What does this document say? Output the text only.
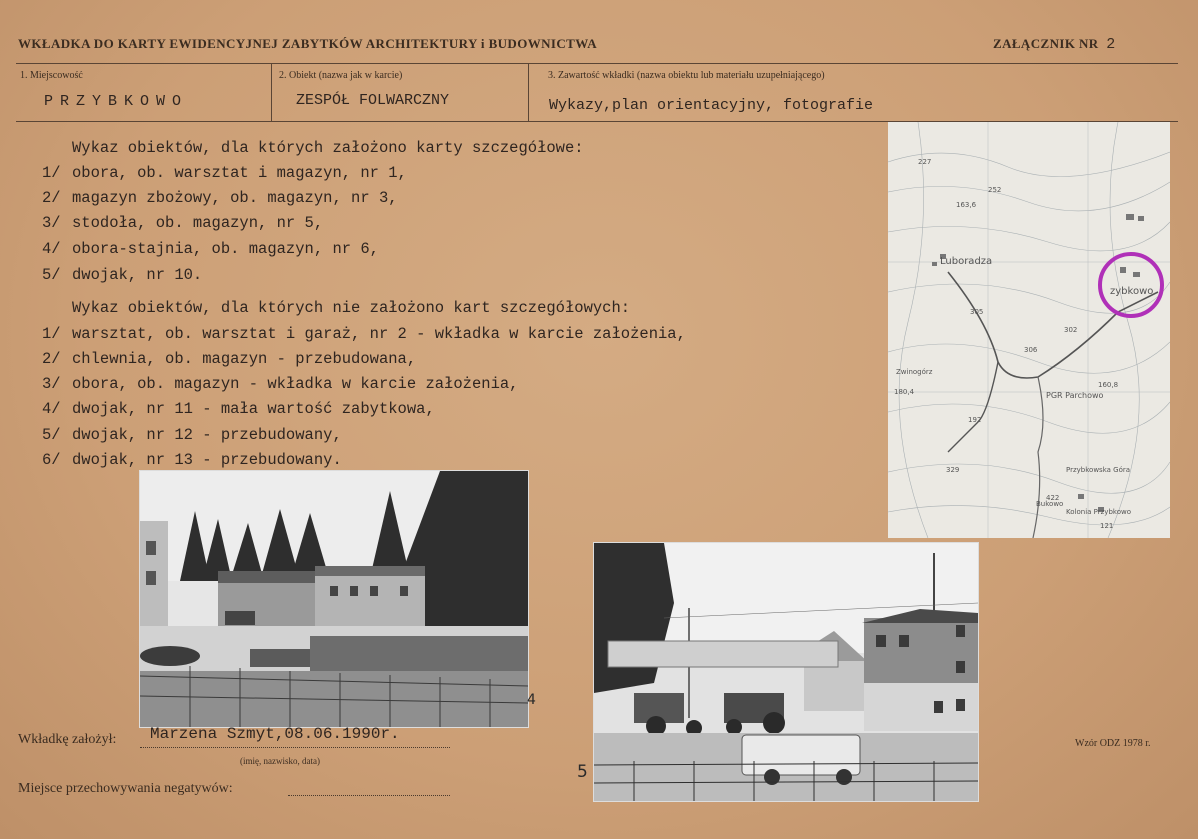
WKŁADKA DO KARTY EWIDENCYJNEJ ZABYTKÓW ARCHITEKTURY i BUDOWNICTWA	ZAŁĄCZNIK NR 2
1. Miejscowość
PRZYBKOWO
2. Obiekt (nazwa jak w karcie)
ZESPÓŁ FOLWARCZNY
3. Zawartość wkładki (nazwa obiektu lub materiału uzupełniającego)
Wykazy,plan orientacyjny, fotografie
Wykaz obiektów, dla których założono karty szczegółowe:
1/ obora, ob. warsztat i magazyn, nr 1,
2/ magazyn zbożowy, ob. magazyn, nr 3,
3/ stodoła, ob. magazyn, nr 5,
4/ obora-stajnia, ob. magazyn, nr 6,
5/ dwojak, nr 10.
Wykaz obiektów, dla których nie założono kart szczegółowych:
1/ warsztat, ob. warsztat i garaż, nr 2 - wkładka w karcie założenia,
2/ chlewnia, ob. magazyn - przebudowana,
3/ obora, ob. magazyn - wkładka w karcie założenia,
4/ dwojak, nr 11 - mała wartość zabytkowa,
5/ dwojak, nr 12 - przebudowany,
6/ dwojak, nr 13 - przebudowany.
Luboradza
zybkowo
Zwinogórz
PGR Parchowo
Kolonia Przybkowo
Przybkowska Góra
Bukowo
227
163,6
252
305
306
302
160,8
329
422
180,4
192
121
4
5
Wkładkę założył: Marzena Szmyt,08.06.1990r.
(imię, nazwisko, data)
Miejsce przechowywania negatywów:
Wzór ODZ 1978 r.
